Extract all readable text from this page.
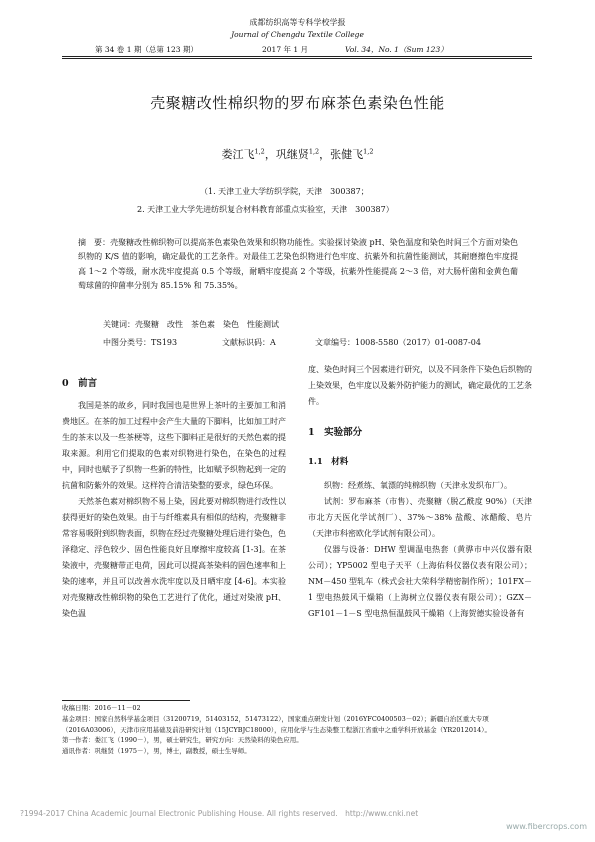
成都纺织高等专科学校学报
Journal of Chengdu Textile College
第 34 卷 1 期（总第 123 期）	2017 年 1 月	Vol. 34，No. 1（Sum 123）
壳聚糖改性棉织物的罗布麻茶色素染色性能
娄江飞$^{1,2}$，巩继贤$^{1,2}$，张健飞$^{1,2}$
（1. 天津工业大学纺织学院，天津　300387；
2. 天津工业大学先进纺织复合材料教育部重点实验室，天津　300387）
摘　要：壳聚糖改性棉织物可以提高茶色素染色效果和织物功能性。实验探讨染液 pH、染色温度和染色时间三个方面对染色织物的 K/S 值的影响，确定最优的工艺条件。对最佳工艺染色织物进行色牢度、抗紫外和抗菌性能测试，其耐磨擦色牢度提高 1～2 个等级，耐水洗牢度提高 0.5 个等级，耐晒牢度提高 2 个等级，抗紫外性能提高 2～3 倍，对大肠杆菌和金黄色葡萄球菌的抑菌率分别为 85.15% 和 75.35%。
关键词：壳聚糖　改性　茶色素　染色　性能测试
中图分类号：TS193	文献标识码：A	文章编号：1008-5580（2017）01-0087-04
0　前言

我国是茶的故乡，同时我国也是世界上茶叶的主要加工和消费地区。在茶的加工过程中会产生大量的下脚料，比如加工时产生的茶末以及一些茶梗等，这些下脚料正是很好的天然色素的提取来源。利用它们提取的色素对织物进行染色，在染色的过程中，同时也赋予了织物一些新的特性，比如赋予织物起到一定的抗菌和防紫外的效果。这样符合清洁染整的要求，绿色环保。

天然茶色素对棉织物不易上染，因此要对棉织物进行改性以获得更好的染色效果。由于与纤维素具有相似的结构，壳聚糖非常容易吸附到织物表面，织物在经过壳聚糖处理后进行染色，色泽稳定、浮色较少、固色性能良好且摩擦牢度较高 [1-3]。在茶染液中，壳聚糖带正电荷，因此可以提高茶染料的固色速率和上染的速率，并且可以改善水洗牢度以及日晒牢度 [4-6]。本实验对壳聚糖改性棉织物的染色工艺进行了优化，通过对染液 pH、染色温

度、染色时间三个因素进行研究，以及不同条件下染色后织物的上染效果，色牢度以及紫外防护能力的测试，确定最优的工艺条件。
1　实验部分
1.1　材料

织物：经煮练、氧漂的纯棉织物（天津永发织布厂）。

试剂：罗布麻茶（市售）、壳聚糖（脱乙酰度 90%）（天津市北方天医化学试剂厂）、37%～38% 盐酸、冰醋酸、皂片（天津市科密欧化学试剂有限公司）。

仪器与设备：DHW 型调温电热套（黄骅市中兴仪器有限公司）；YP5002 型电子天平（上海佑科仪器仪表有限公司）；NM－450 型轧车（株式会社大荣科学精密制作所）；101FX－1 型电热鼓风干燥箱（上海树立仪器仪表有限公司）；GZX－GF101－1－S 型电热恒温鼓风干燥箱（上海贺德实验设备有

收稿日期：2016－11－02
基金项目：国家自然科学基金项目（31200719，51403152，51473122），国家重点研发计划（2016YFC0400503－02）；新疆自治区重大专项（2016A03006），天津市应用基础及前沿研究计划（15JCYBJC18000），应用化学与生态染整工程浙江省重中之重学科开放基金（YR2012014）。
第一作者：娄江飞（1990－），男，硕士研究生，研究方向：天然染料的染色应用。
通讯作者：巩继贤（1975－），男，博士，副教授，硕士生导师。
?1994-2017 China Academic Journal Electronic Publishing House. All rights reserved.　http://www.cnki.net
www.fibercrops.com
